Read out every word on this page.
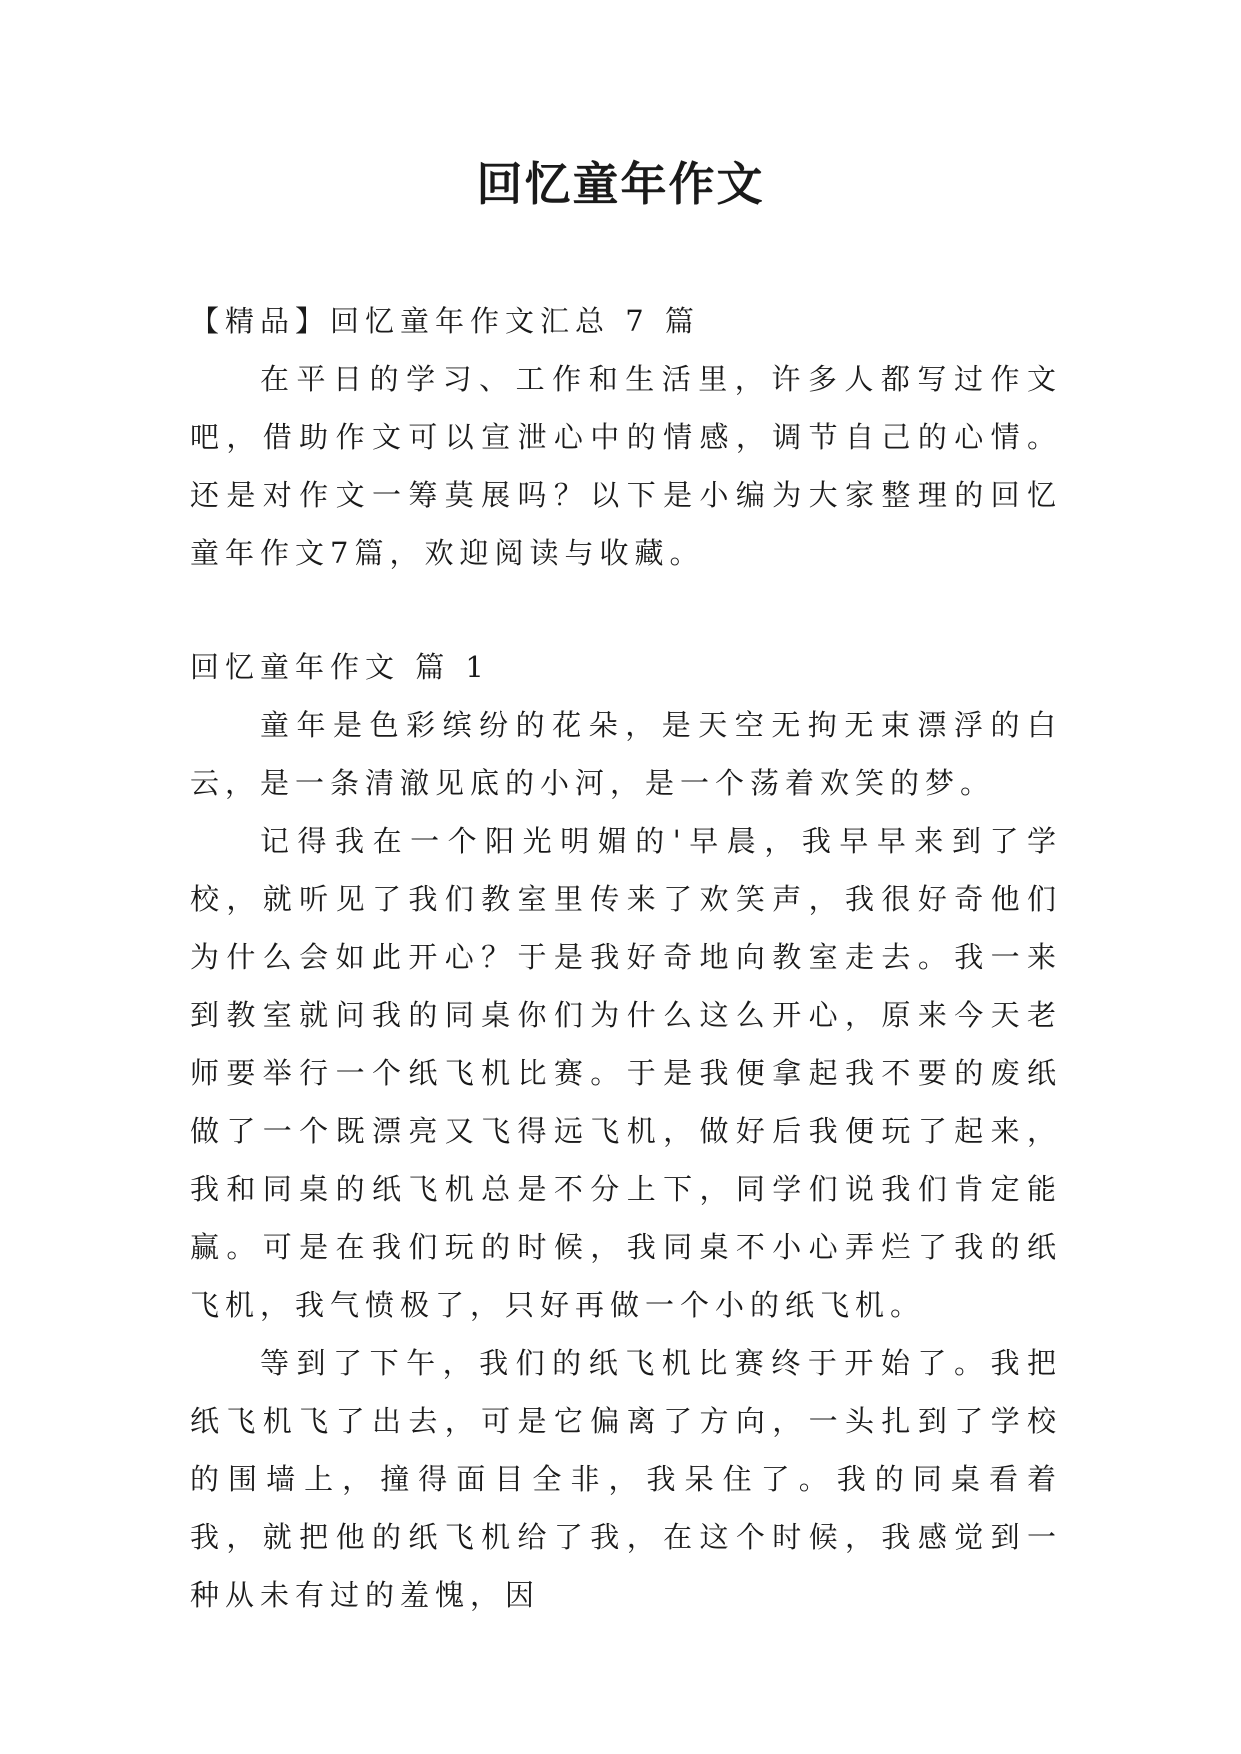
回忆童年作文

【精品】回忆童年作文汇总 7 篇

在平日的学习、工作和生活里，许多人都写过作文吧，借助作文可以宣泄心中的情感，调节自己的心情。还是对作文一筹莫展吗？以下是小编为大家整理的回忆童年作文7篇，欢迎阅读与收藏。

回忆童年作文 篇 1

童年是色彩缤纷的花朵，是天空无拘无束漂浮的白云，是一条清澈见底的小河，是一个荡着欢笑的梦。

记得我在一个阳光明媚的'早晨，我早早来到了学校，就听见了我们教室里传来了欢笑声，我很好奇他们为什么会如此开心？于是我好奇地向教室走去。我一来到教室就问我的同桌你们为什么这么开心，原来今天老师要举行一个纸飞机比赛。于是我便拿起我不要的废纸做了一个既漂亮又飞得远飞机，做好后我便玩了起来，我和同桌的纸飞机总是不分上下，同学们说我们肯定能赢。可是在我们玩的时候，我同桌不小心弄烂了我的纸飞机，我气愤极了，只好再做一个小的纸飞机。

等到了下午，我们的纸飞机比赛终于开始了。我把纸飞机飞了出去，可是它偏离了方向，一头扎到了学校的围墙上，撞得面目全非，我呆住了。我的同桌看着我，就把他的纸飞机给了我，在这个时候，我感觉到一种从未有过的羞愧，因
